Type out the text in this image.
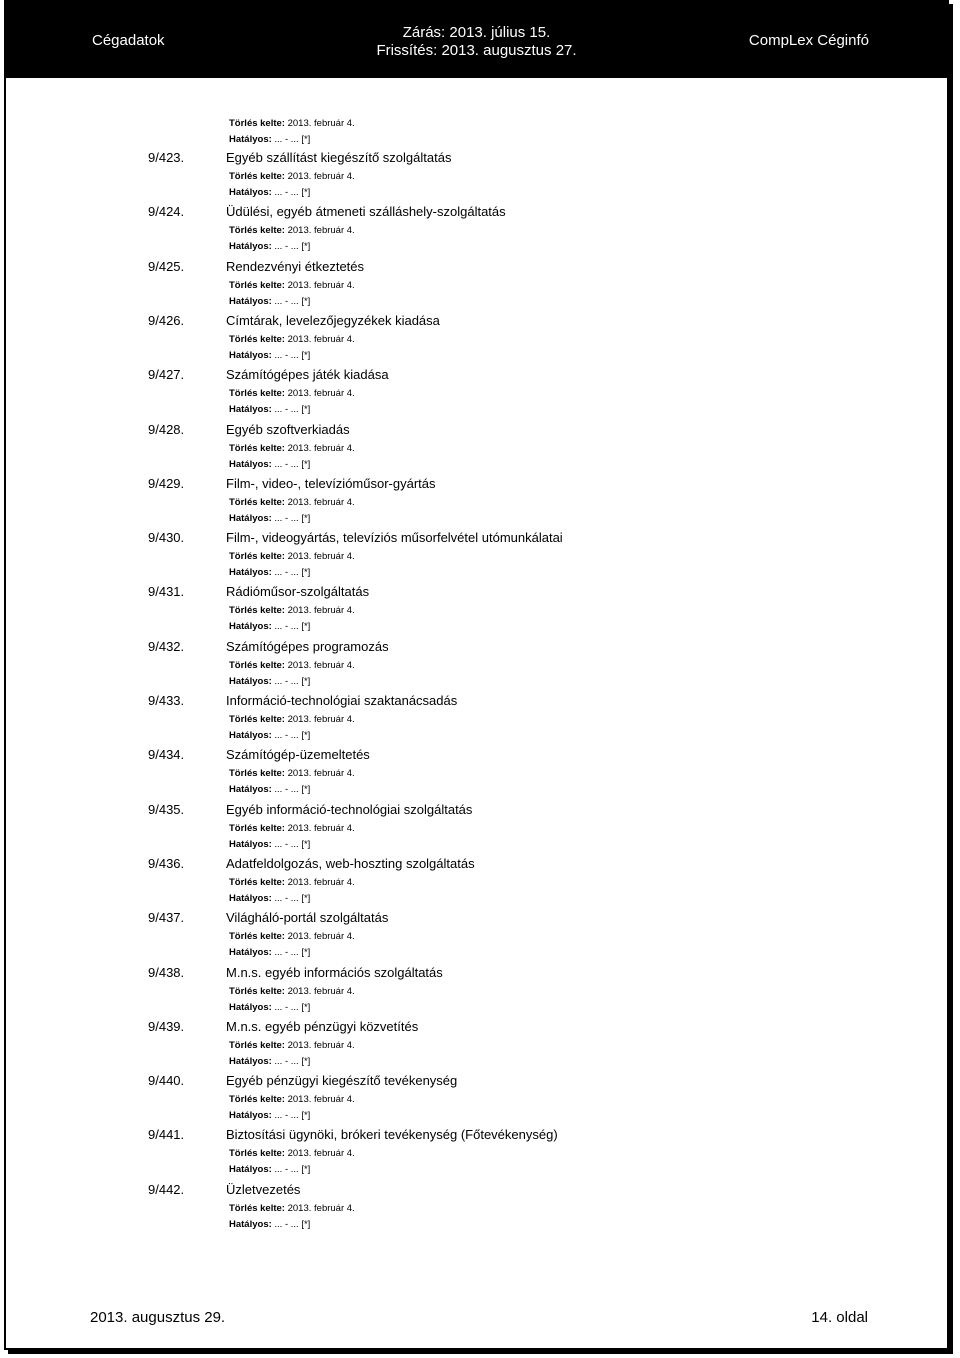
Cégadatok	Zárás: 2013. július 15.
Frissítés: 2013. augusztus 27.
CompLex Céginfó
Törlés kelte: 2013. február 4.
Hatályos: ... - ... [*]
9/423.	Egyéb szállítást kiegészítő szolgáltatás
Törlés kelte: 2013. február 4.
Hatályos: ... - ... [*]
9/424.	Üdülési, egyéb átmeneti szálláshely-szolgáltatás
Törlés kelte: 2013. február 4.
Hatályos: ... - ... [*]
9/425.	Rendezvényi étkeztetés
Törlés kelte: 2013. február 4.
Hatályos: ... - ... [*]
9/426.	Címtárak, levelezőjegyzékek kiadása
Törlés kelte: 2013. február 4.
Hatályos: ... - ... [*]
9/427.	Számítógépes játék kiadása
Törlés kelte: 2013. február 4.
Hatályos: ... - ... [*]
9/428.	Egyéb szoftverkiadás
Törlés kelte: 2013. február 4.
Hatályos: ... - ... [*]
9/429.	Film-, video-, televízióműsor-gyártás
Törlés kelte: 2013. február 4.
Hatályos: ... - ... [*]
9/430.	Film-, videogyártás, televíziós műsorfelvétel utómunkálatai
Törlés kelte: 2013. február 4.
Hatályos: ... - ... [*]
9/431.	Rádióműsor-szolgáltatás
Törlés kelte: 2013. február 4.
Hatályos: ... - ... [*]
9/432.	Számítógépes programozás
Törlés kelte: 2013. február 4.
Hatályos: ... - ... [*]
9/433.	Információ-technológiai szaktanácsadás
Törlés kelte: 2013. február 4.
Hatályos: ... - ... [*]
9/434.	Számítógép-üzemeltetés
Törlés kelte: 2013. február 4.
Hatályos: ... - ... [*]
9/435.	Egyéb információ-technológiai szolgáltatás
Törlés kelte: 2013. február 4.
Hatályos: ... - ... [*]
9/436.	Adatfeldolgozás, web-hoszting szolgáltatás
Törlés kelte: 2013. február 4.
Hatályos: ... - ... [*]
9/437.	Világháló-portál szolgáltatás
Törlés kelte: 2013. február 4.
Hatályos: ... - ... [*]
9/438.	M.n.s. egyéb információs szolgáltatás
Törlés kelte: 2013. február 4.
Hatályos: ... - ... [*]
9/439.	M.n.s. egyéb pénzügyi közvetítés
Törlés kelte: 2013. február 4.
Hatályos: ... - ... [*]
9/440.	Egyéb pénzügyi kiegészítő tevékenység
Törlés kelte: 2013. február 4.
Hatályos: ... - ... [*]
9/441.	Biztosítási ügynöki, brókeri tevékenység (Főtevékenység)
Törlés kelte: 2013. február 4.
Hatályos: ... - ... [*]
9/442.	Üzletvezetés
Törlés kelte: 2013. február 4.
Hatályos: ... - ... [*]
2013. augusztus 29.	14. oldal
